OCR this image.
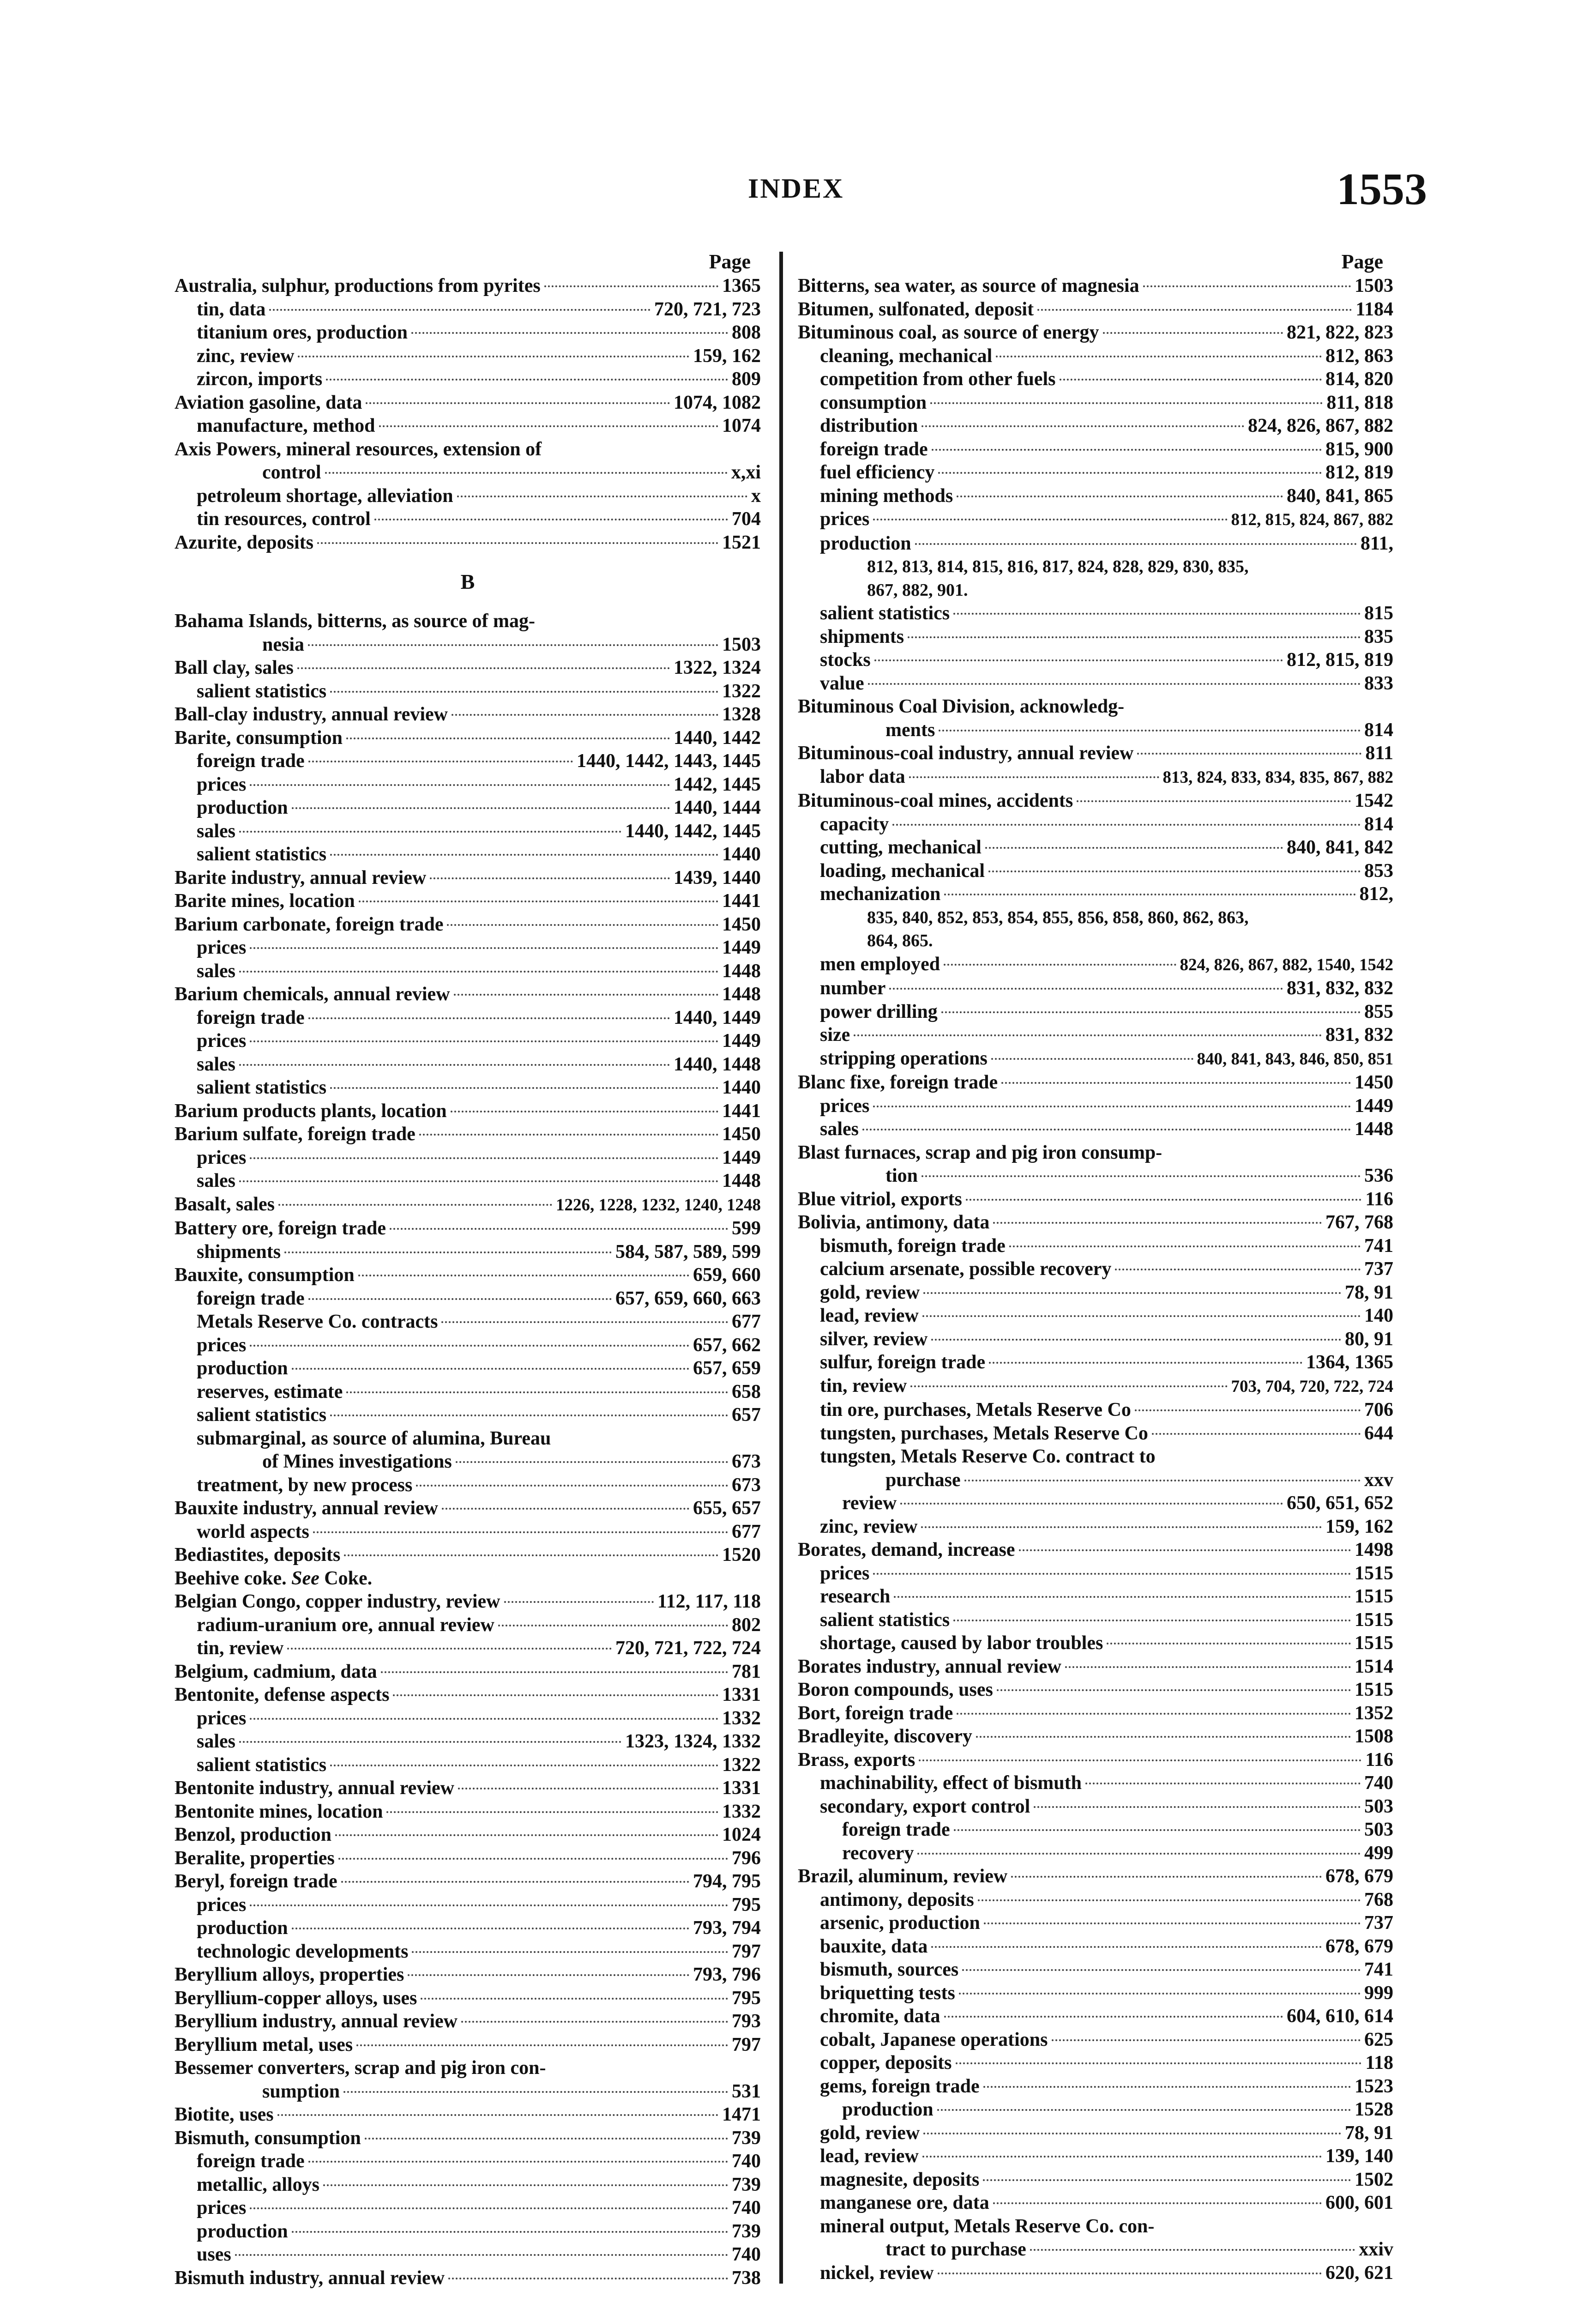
INDEX	1553
Page
Australia, sulphur, productions from pyrites	1365
tin, data	720, 721, 723
titanium ores, production	808
zinc, review	159, 162
zircon, imports	809
Aviation gasoline, data	1074, 1082
manufacture, method	1074
Axis Powers, mineral resources, extension of
control	x,xi
petroleum shortage, alleviation	x
tin resources, control	704
Azurite, deposits	1521
B
Bahama Islands, bitterns, as source of mag-
nesia	1503
Ball clay, sales	1322, 1324
salient statistics	1322
Ball-clay industry, annual review	1328
Barite, consumption	1440, 1442
foreign trade	1440, 1442, 1443, 1445
prices	1442, 1445
production	1440, 1444
sales	1440, 1442, 1445
salient statistics	1440
Barite industry, annual review	1439, 1440
Barite mines, location	1441
Barium carbonate, foreign trade	1450
prices	1449
sales	1448
Barium chemicals, annual review	1448
foreign trade	1440, 1449
prices	1449
sales	1440, 1448
salient statistics	1440
Barium products plants, location	1441
Barium sulfate, foreign trade	1450
prices	1449
sales	1448
Basalt, sales	1226, 1228, 1232, 1240, 1248
Battery ore, foreign trade	599
shipments	584, 587, 589, 599
Bauxite, consumption	659, 660
foreign trade	657, 659, 660, 663
Metals Reserve Co. contracts	677
prices	657, 662
production	657, 659
reserves, estimate	658
salient statistics	657
submarginal, as source of alumina, Bureau
of Mines investigations	673
treatment, by new process	673
Bauxite industry, annual review	655, 657
world aspects	677
Bediastites, deposits	1520
Beehive coke.
See
Coke.
Belgian Congo, copper industry, review	112, 117, 118
radium-uranium ore, annual review	802
tin, review	720, 721, 722, 724
Belgium, cadmium, data	781
Bentonite, defense aspects	1331
prices	1332
sales	1323, 1324, 1332
salient statistics	1322
Bentonite industry, annual review	1331
Bentonite mines, location	1332
Benzol, production	1024
Beralite, properties	796
Beryl, foreign trade	794, 795
prices	795
production	793, 794
technologic developments	797
Beryllium alloys, properties	793, 796
Beryllium-copper alloys, uses	795
Beryllium industry, annual review	793
Beryllium metal, uses	797
Bessemer converters, scrap and pig iron con-
sumption	531
Biotite, uses	1471
Bismuth, consumption	739
foreign trade	740
metallic, alloys	739
prices	740
production	739
uses	740
Bismuth industry, annual review	738
Page
Bitterns, sea water, as source of magnesia	1503
Bitumen, sulfonated, deposit	1184
Bituminous coal, as source of energy	821, 822, 823
cleaning, mechanical	812, 863
competition from other fuels	814, 820
consumption	811, 818
distribution	824, 826, 867, 882
foreign trade	815, 900
fuel efficiency	812, 819
mining methods	840, 841, 865
prices	812, 815, 824, 867, 882
production	811,
812, 813, 814, 815, 816, 817, 824, 828, 829, 830, 835,
867, 882, 901.
salient statistics	815
shipments	835
stocks	812, 815, 819
value	833
Bituminous Coal Division, acknowledg-
ments	814
Bituminous-coal industry, annual review	811
labor data	813, 824, 833, 834, 835, 867, 882
Bituminous-coal mines, accidents	1542
capacity	814
cutting, mechanical	840, 841, 842
loading, mechanical	853
mechanization	812,
835, 840, 852, 853, 854, 855, 856, 858, 860, 862, 863,
864, 865.
men employed	824, 826, 867, 882, 1540, 1542
number	831, 832, 832
power drilling	855
size	831, 832
stripping operations	840, 841, 843, 846, 850, 851
Blanc fixe, foreign trade	1450
prices	1449
sales	1448
Blast furnaces, scrap and pig iron consump-
tion	536
Blue vitriol, exports	116
Bolivia, antimony, data	767, 768
bismuth, foreign trade	741
calcium arsenate, possible recovery	737
gold, review	78, 91
lead, review	140
silver, review	80, 91
sulfur, foreign trade	1364, 1365
tin, review	703, 704, 720, 722, 724
tin ore, purchases, Metals Reserve Co	706
tungsten, purchases, Metals Reserve Co	644
tungsten, Metals Reserve Co. contract to
purchase	xxv
review	650, 651, 652
zinc, review	159, 162
Borates, demand, increase	1498
prices	1515
research	1515
salient statistics	1515
shortage, caused by labor troubles	1515
Borates industry, annual review	1514
Boron compounds, uses	1515
Bort, foreign trade	1352
Bradleyite, discovery	1508
Brass, exports	116
machinability, effect of bismuth	740
secondary, export control	503
foreign trade	503
recovery	499
Brazil, aluminum, review	678, 679
antimony, deposits	768
arsenic, production	737
bauxite, data	678, 679
bismuth, sources	741
briquetting tests	999
chromite, data	604, 610, 614
cobalt, Japanese operations	625
copper, deposits	118
gems, foreign trade	1523
production	1528
gold, review	78, 91
lead, review	139, 140
magnesite, deposits	1502
manganese ore, data	600, 601
mineral output, Metals Reserve Co. con-
tract to purchase	xxiv
nickel, review	620, 621
